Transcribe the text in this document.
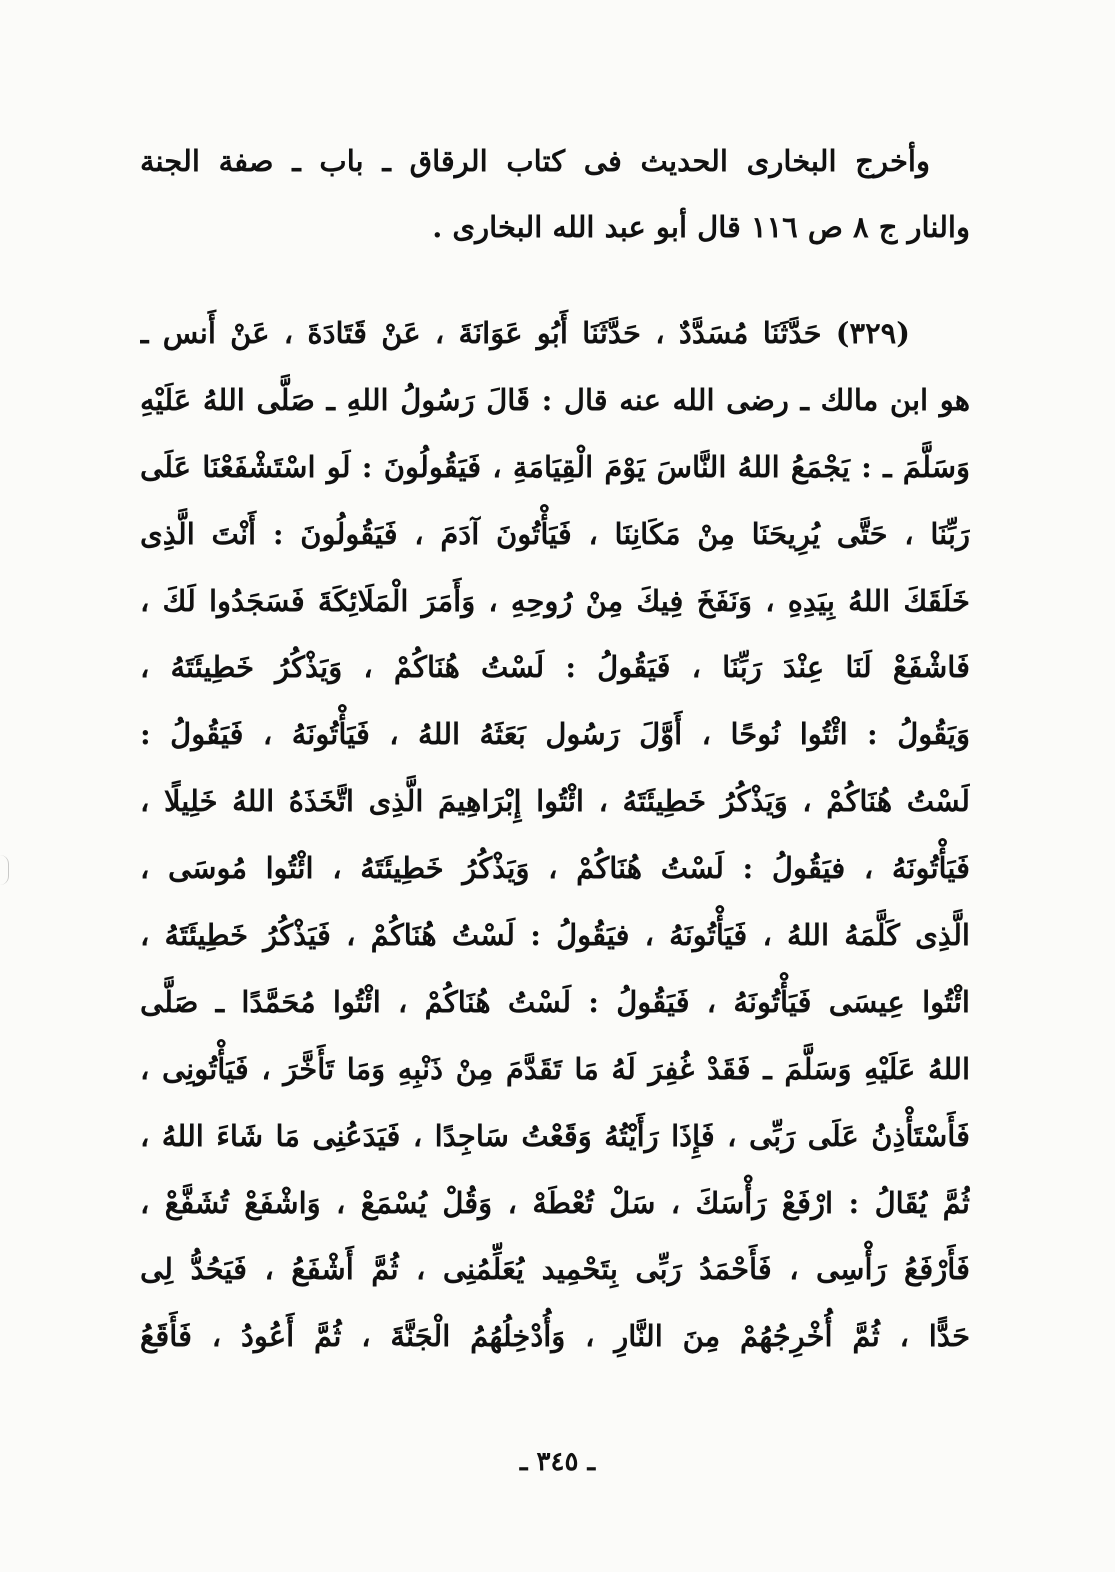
وأخرج البخارى الحديث فى كتاب الرقاق ـ باب ـ صفة الجنة
والنار ج ٨ ص ١١٦ قال أبو عبد الله البخارى .
(٣٢٩) حَدَّثَنَا مُسَدَّدٌ ، حَدَّثَنَا أَبُو عَوَانَةَ ، عَنْ قَتَادَةَ ، عَنْ أَنس ـ
هو ابن مالك ـ رضى الله عنه قال : قَالَ رَسُولُ اللهِ ـ صَلَّى اللهُ عَلَيْهِ
وَسَلَّمَ ـ : يَجْمَعُ اللهُ النَّاسَ يَوْمَ الْقِيَامَةِ ، فَيَقُولُونَ : لَو اسْتَشْفَعْنَا عَلَى
رَبِّنَا ، حَتَّى يُرِيحَنَا مِنْ مَكَانِنَا ، فَيَأْتُونَ آدَمَ ، فَيَقُولُونَ : أَنْتَ الَّذِى
خَلَقَكَ اللهُ بِيَدِهِ ، وَنَفَخَ فِيكَ مِنْ رُوحِهِ ، وَأَمَرَ الْمَلَائِكَةَ فَسَجَدُوا لَكَ ،
فَاشْفَعْ لَنَا عِنْدَ رَبِّنَا ، فَيَقُولُ : لَسْتُ هُنَاكُمْ ، وَيَذْكُرُ خَطِيئَتَهُ ،
وَيَقُولُ : ائْتُوا نُوحًا ، أَوَّلَ رَسُول بَعَثَهُ اللهُ ، فَيَأْتُونَهُ ، فَيَقُولُ :
لَسْتُ هُنَاكُمْ ، وَيَذْكُرُ خَطِيئَتَهُ ، ائْتُوا إِبْرَاهِيمَ الَّذِى اتَّخَذَهُ اللهُ خَلِيلًا ،
فَيَأْتُونَهُ ، فيَقُولُ : لَسْتُ هُنَاكُمْ ، وَيَذْكُرُ خَطِيئَتَهُ ، ائْتُوا مُوسَى ،
الَّذِى كَلَّمَهُ اللهُ ، فَيَأْتُونَهُ ، فيَقُولُ : لَسْتُ هُنَاكُمْ ، فَيَذْكُرُ خَطِيئَتَهُ ،
ائْتُوا عِيسَى فَيَأْتُونَهُ ، فَيَقُولُ : لَسْتُ هُنَاكُمْ ، ائْتُوا مُحَمَّدًا ـ صَلَّى
اللهُ عَلَيْهِ وَسَلَّمَ ـ فَقَدْ غُفِرَ لَهُ مَا تَقَدَّمَ مِنْ ذَنْبِهِ وَمَا تَأَخَّرَ ، فَيَأْتُونِى ،
فَأَسْتَأْذِنُ عَلَى رَبِّى ، فَإِذَا رَأَيْتُهُ وَقَعْتُ سَاجِدًا ، فَيَدَعُنِى مَا شَاءَ اللهُ ،
ثُمَّ يُقَالُ : ارْفَعْ رَأْسَكَ ، سَلْ تُعْطَهْ ، وَقُلْ يُسْمَعْ ، وَاشْفَعْ تُشَفَّعْ ،
فَأَرْفَعُ رَأْسِى ، فَأَحْمَدُ رَبِّى بِتَحْمِيد يُعَلِّمُنِى ، ثُمَّ أَشْفَعُ ، فَيَحُدُّ لِى
حَدًّا ، ثُمَّ أُخْرِجُهُمْ مِنَ النَّارِ ، وَأُدْخِلُهُمُ الْجَنَّةَ ، ثُمَّ أَعُودُ ، فَأَقَعُ
ـ ٣٤٥ ـ
